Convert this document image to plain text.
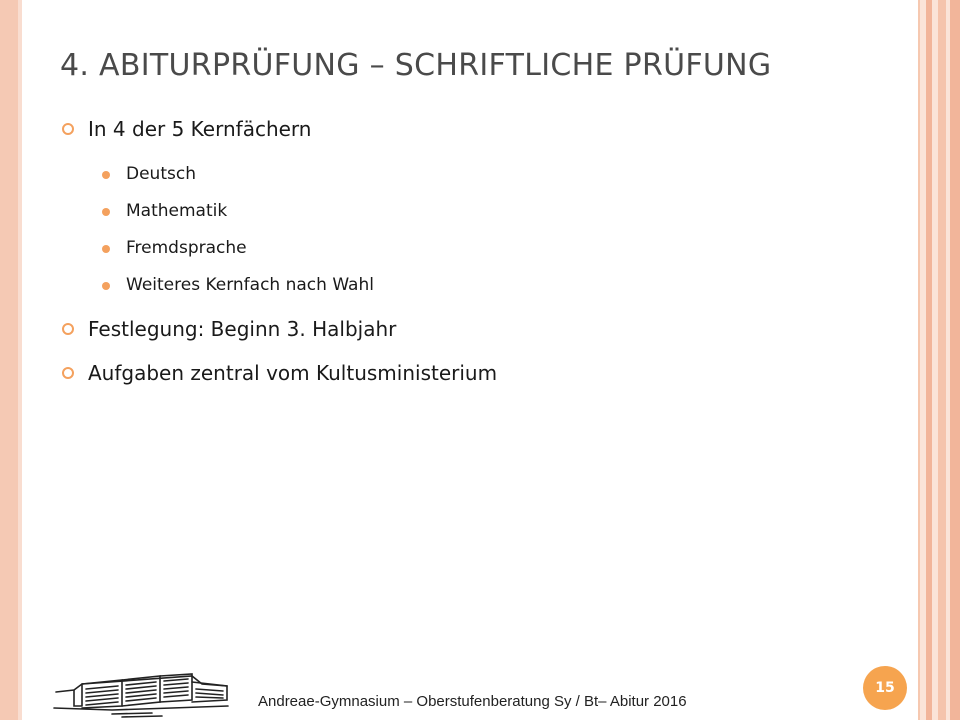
4. ABITURPRÜFUNG – SCHRIFTLICHE PRÜFUNG
In 4 der 5 Kernfächern
Deutsch
Mathematik
Fremdsprache
Weiteres Kernfach nach Wahl
Festlegung: Beginn 3. Halbjahr
Aufgaben zentral vom Kultusministerium
Andreae-Gymnasium – Oberstufenberatung Sy / Bt– Abitur 2016
15
